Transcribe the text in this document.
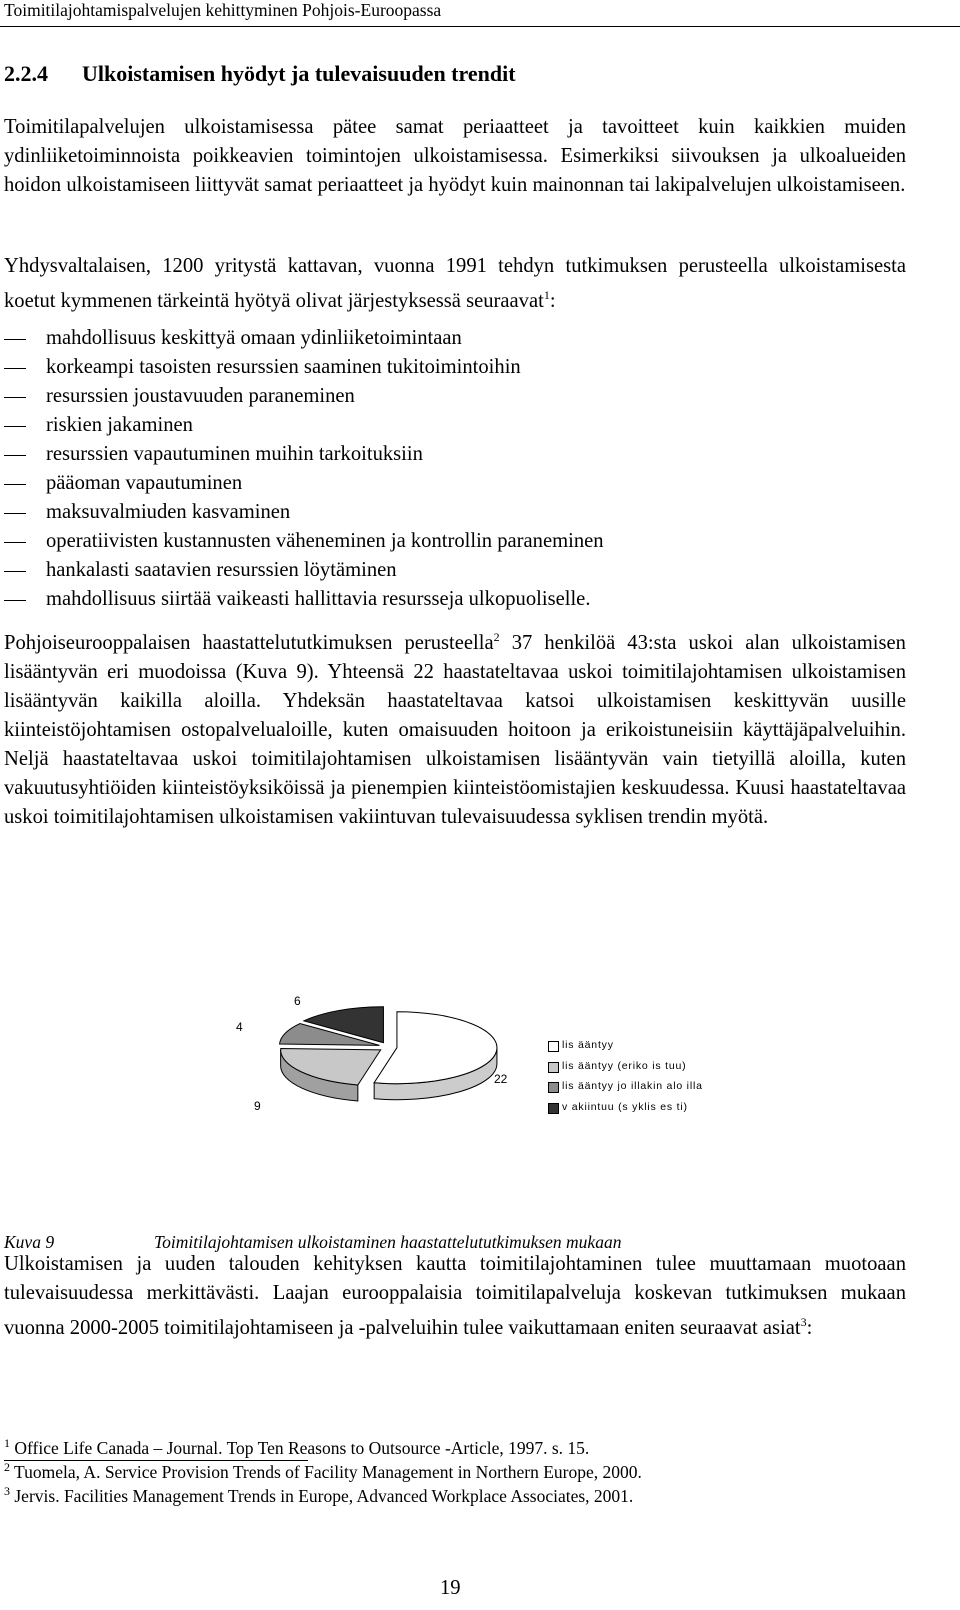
Toimitilajohtamispalvelujen kehittyminen Pohjois-Euroopassa
2.2.4 Ulkoistamisen hyödyt ja tulevaisuuden trendit

Toimitilapalvelujen ulkoistamisessa pätee samat periaatteet ja tavoitteet kuin kaikkien muiden ydinliiketoiminnoista poikkeavien toimintojen ulkoistamisessa. Esimerkiksi siivouksen ja ulkoalueiden hoidon ulkoistamiseen liittyvät samat periaatteet ja hyödyt kuin mainonnan tai lakipalvelujen ulkoistamiseen.

Yhdysvaltalaisen, 1200 yritystä kattavan, vuonna 1991 tehdyn tutkimuksen perusteella ulkoistamisesta koetut kymmenen tärkeintä hyötyä olivat järjestyksessä seuraavat$^1$:

mahdollisuus keskittyä omaan ydinliiketoimintaan
korkeampi tasoisten resurssien saaminen tukitoimintoihin
resurssien joustavuuden paraneminen
riskien jakaminen
resurssien vapautuminen muihin tarkoituksiin
pääoman vapautuminen
maksuvalmiuden kasvaminen
operatiivisten kustannusten väheneminen ja kontrollin paraneminen
hankalasti saatavien resurssien löytäminen
mahdollisuus siirtää vaikeasti hallittavia resursseja ulkopuoliselle.

Pohjoiseurooppalaisen haastattelututkimuksen perusteella$^2$ 37 henkilöä 43:sta uskoi alan ulkoistamisen lisääntyvän eri muodoissa (Kuva 9). Yhteensä 22 haastateltavaa uskoi toimitilajohtamisen ulkoistamisen lisääntyvän kaikilla aloilla. Yhdeksän haastateltavaa katsoi ulkoistamisen keskittyvän uusille kiinteistöjohtamisen ostopalvelualoille, kuten omaisuuden hoitoon ja erikoistuneisiin käyttäjäpalveluihin. Neljä haastateltavaa uskoi toimitilajohtamisen ulkoistamisen lisääntyvän vain tietyillä aloilla, kuten vakuutusyhtiöiden kiinteistöyksiköissä ja pienempien kiinteistöomistajien keskuudessa. Kuusi haastateltavaa uskoi toimitilajohtamisen ulkoistamisen vakiintuvan tulevaisuudessa syklisen trendin myötä.

22
9
4
6
lis ääntyy
lis ääntyy (eriko is tuu)
lis ääntyy jo illakin alo illa
v akiintuu (s yklis es ti)
Kuva 9	Toimitilajohtamisen ulkoistaminen haastattelututkimuksen mukaan

Ulkoistamisen ja uuden talouden kehityksen kautta toimitilajohtaminen tulee muuttamaan muotoaan tulevaisuudessa merkittävästi. Laajan eurooppalaisia toimitilapalveluja koskevan tutkimuksen mukaan vuonna 2000-2005 toimitilajohtamiseen ja -palveluihin tulee vaikuttamaan eniten seuraavat asiat$^3$:

$^1$ Office Life Canada – Journal. Top Ten Reasons to Outsource -Article, 1997. s. 15.
$^2$ Tuomela, A. Service Provision Trends of Facility Management in Northern Europe, 2000.
$^3$ Jervis. Facilities Management Trends in Europe, Advanced Workplace Associates, 2001.
19
